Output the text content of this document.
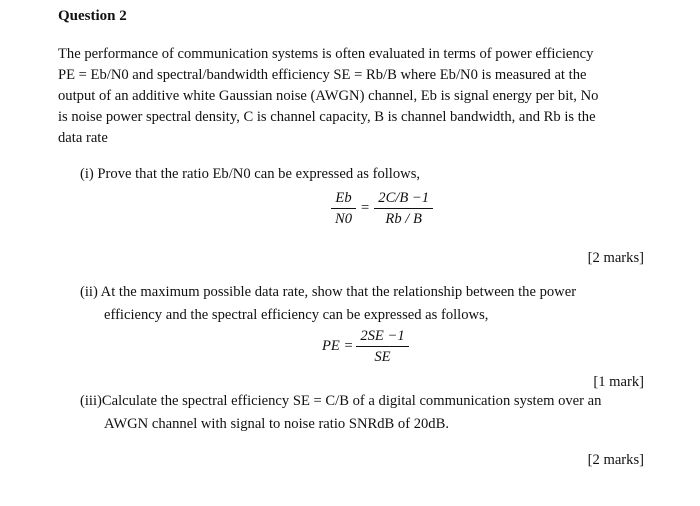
Question 2

The performance of communication systems is often evaluated in terms of power efficiency

PE = Eb/N0 and spectral/bandwidth efficiency SE = Rb/B where Eb/N0 is measured at the

output of an additive white Gaussian noise (AWGN) channel, Eb is signal energy per bit, No

is noise power spectral density, C is channel capacity, B is channel bandwidth, and Rb is the

data rate

(i) Prove that the ratio Eb/N0 can be expressed as follows,
$\frac{Eb}{N0} = \frac{2C/B -1}{Rb / B}$
[2 marks]
(ii) At the maximum possible data rate, show that the relationship between the power
efficiency and the spectral efficiency can be expressed as follows,
PE = $\frac{2SE -1}{SE}$
[1 mark]
(iii)Calculate the spectral efficiency SE = C/B of a digital communication system over an
AWGN channel with signal to noise ratio SNRdB of 20dB.
[2 marks]
